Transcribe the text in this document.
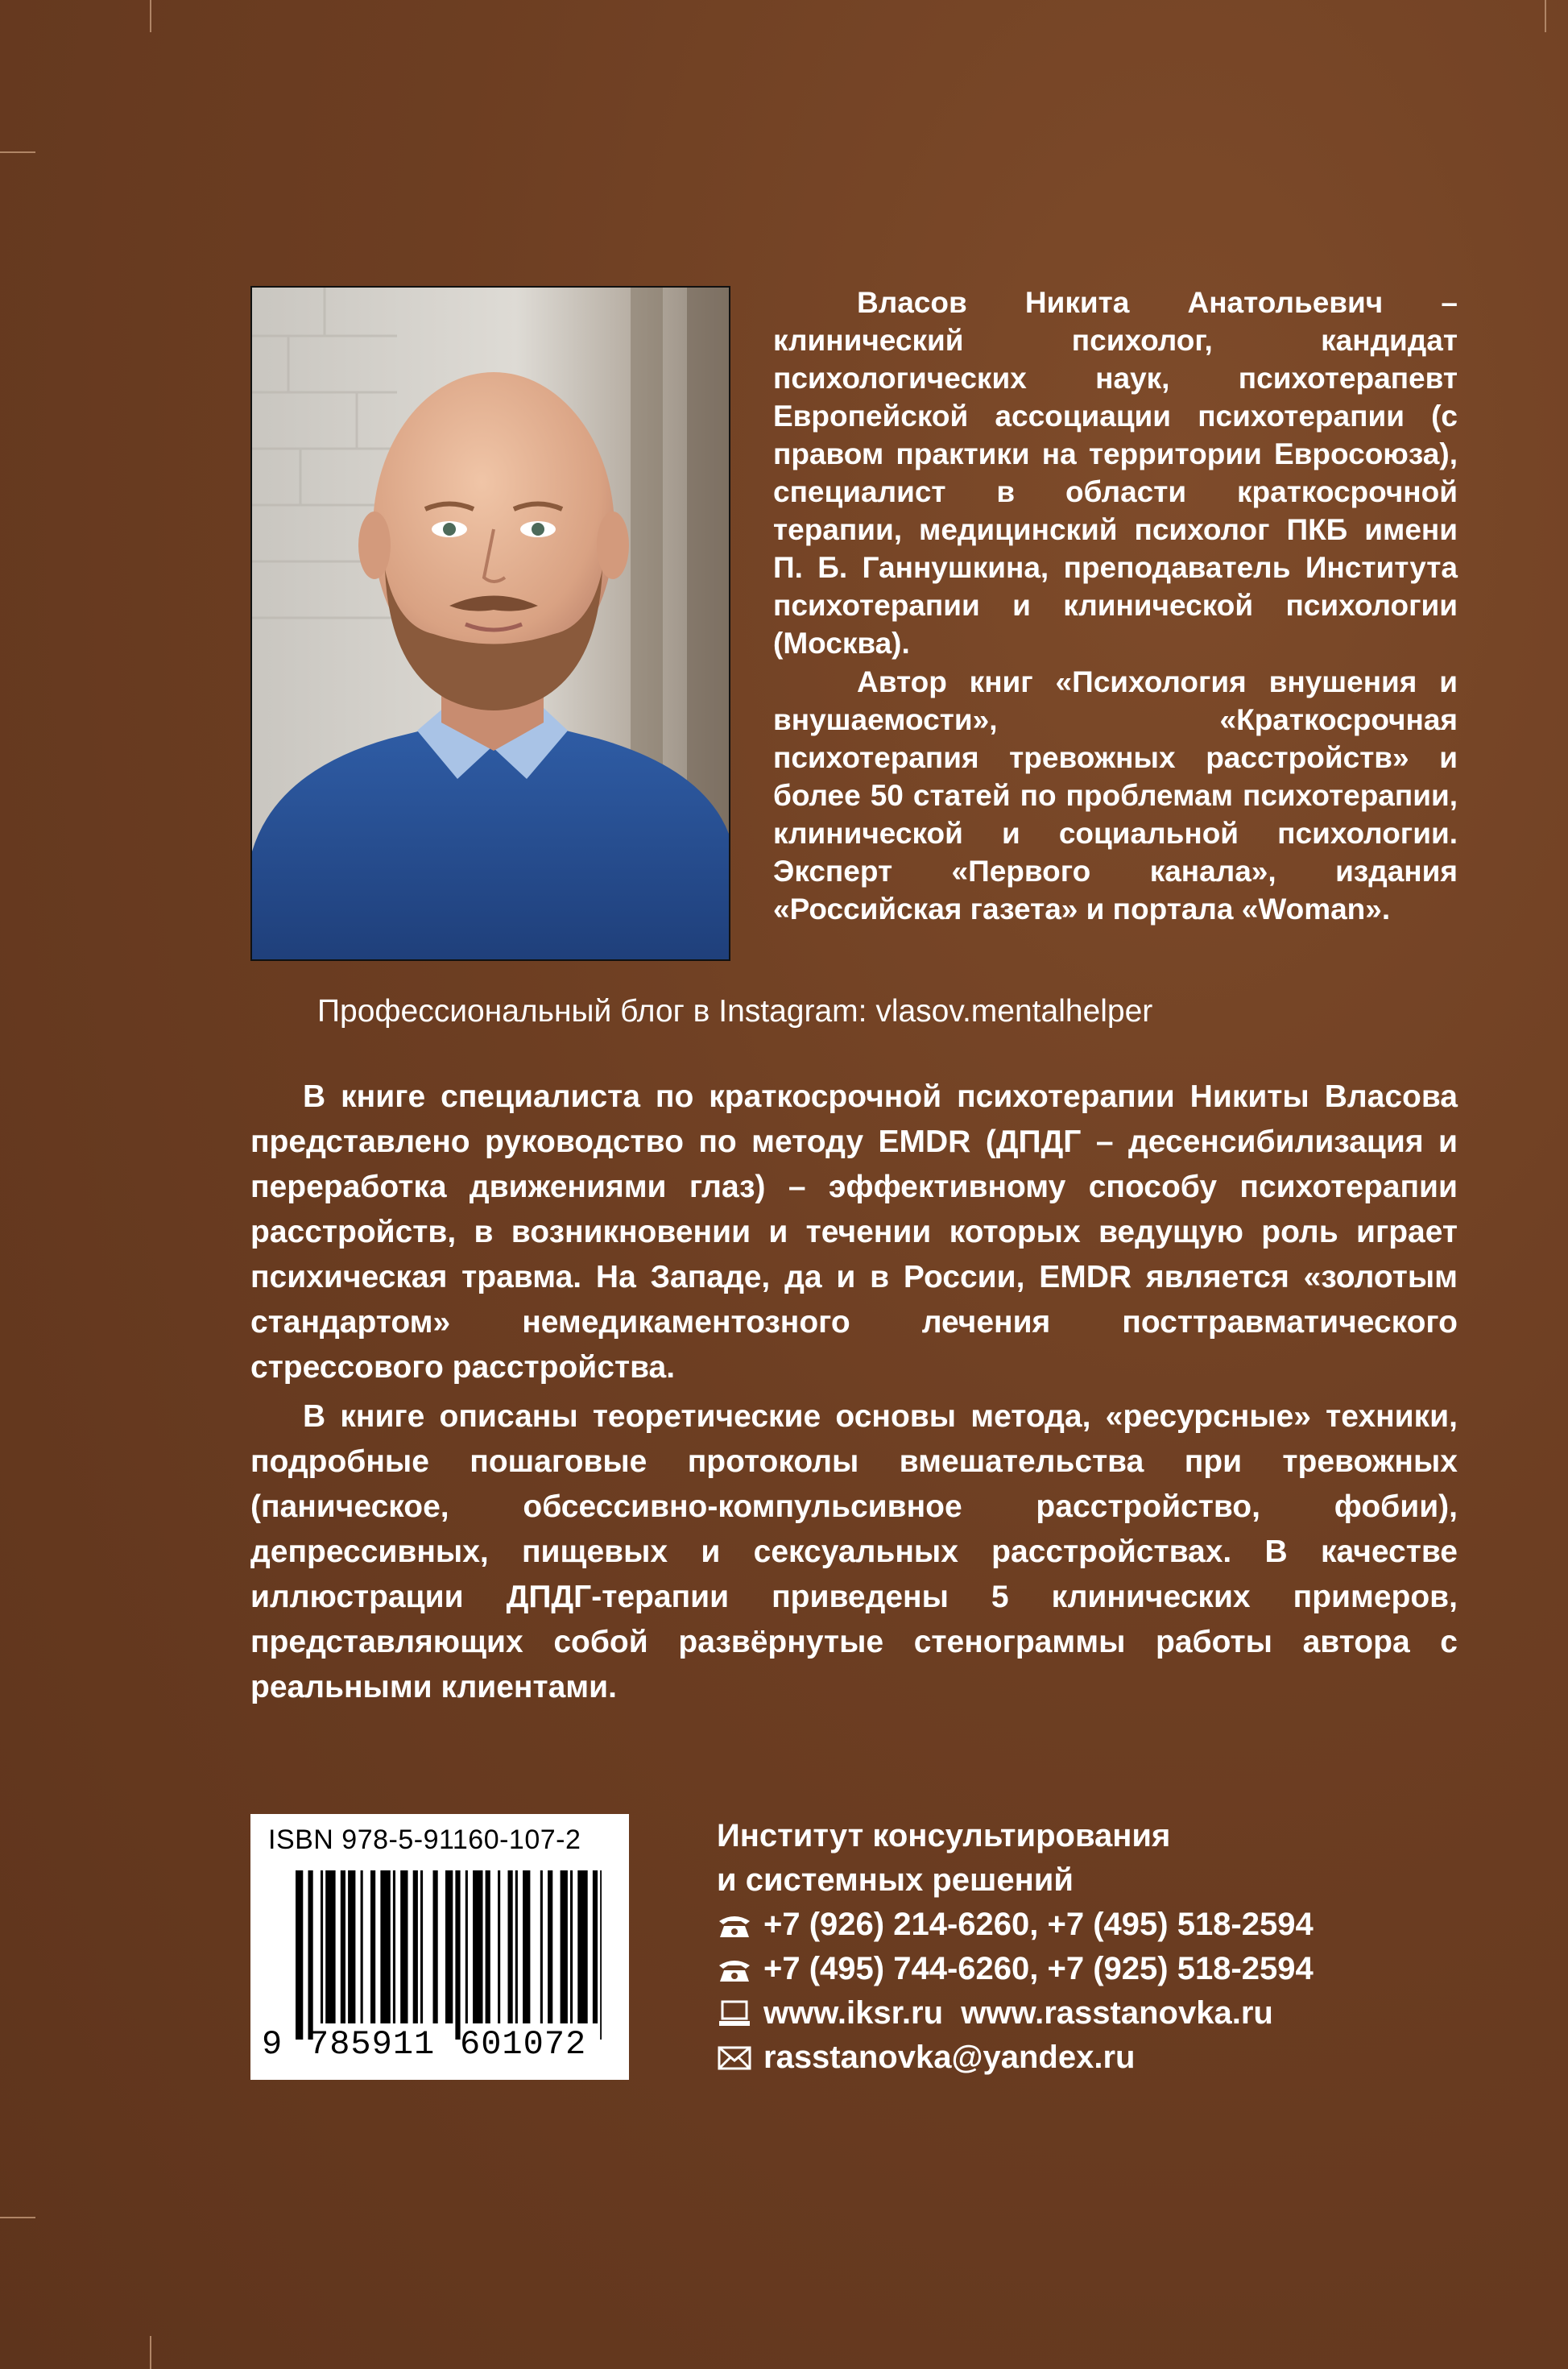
Власов Никита Анатольевич – клинический психолог, кандидат психологических наук, психотерапевт Европейской ассоциации психотерапии (с правом практики на территории Евросоюза), специалист в области краткосрочной терапии, медицинский психолог ПКБ имени П. Б. Ганнушкина, преподаватель Института психотерапии и клинической психологии (Москва).

Автор книг «Психология внушения и внушаемости», «Краткосрочная психотерапия тревожных расстройств» и более 50 статей по проблемам психотерапии, клинической и социальной психологии. Эксперт «Первого канала», издания «Российская газета» и портала «Woman».

Профессиональный блог в Instagram: vlasov.mentalhelper

В книге специалиста по краткосрочной психотерапии Никиты Власова представлено руководство по методу EMDR (ДПДГ – десенсибилизация и переработка движениями глаз) – эффективному способу психотерапии расстройств, в возникновении и течении которых ведущую роль играет психическая травма. На Западе, да и в России, EMDR является «золотым стандартом» немедикаментозного лечения посттравматического стрессового расстройства.

В книге описаны теоретические основы метода, «ресурсные» техники, подробные пошаговые протоколы вмешательства при тревожных (паническое, обсессивно-компульсивное расстройство, фобии), депрессивных, пищевых и сексуальных расстройствах. В качестве иллюстрации ДПДГ-терапии приведены 5 клинических примеров, представляющих собой развёрнутые стенограммы работы автора с реальными клиентами.

ISBN 978-5-91160-107-2
9 785911 601072
Институт консультирования
и системных решений
+7 (926) 214-6260, +7 (495) 518-2594
+7 (495) 744-6260, +7 (925) 518-2594
www.iksr.ru  www.rasstanovka.ru
rasstanovka@yandex.ru
